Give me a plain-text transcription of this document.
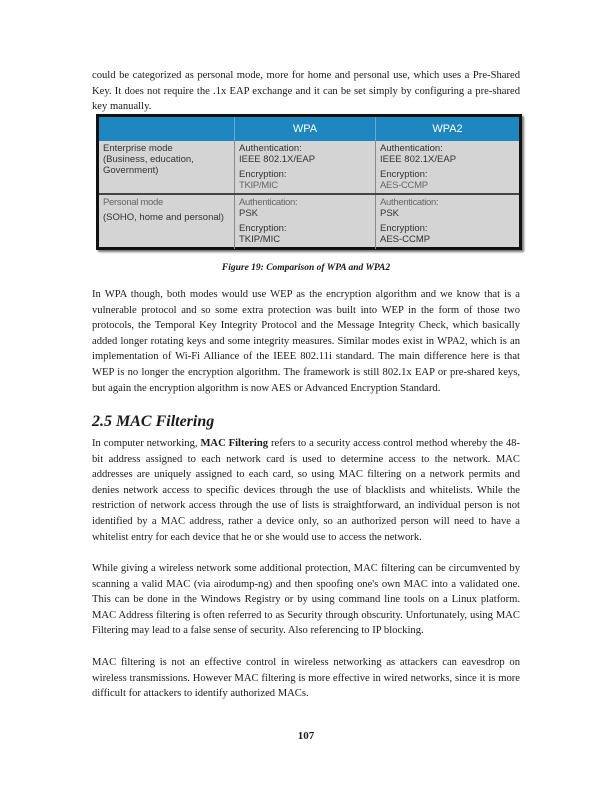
could be categorized as personal mode, more for home and personal use, which uses a Pre-Shared Key. It does not require the .1x EAP exchange and it can be set simply by configuring a pre-shared key manually.

WPA	WPA2
Enterprise mode
(Business, education, Government)
Authentication:
IEEE 802.1X/EAP
Encryption:
TKIP/MIC
Authentication:
IEEE 802.1X/EAP
Encryption:
AES-CCMP
Personal mode
(SOHO, home and personal)
Authentication:
PSK
Encryption:
TKIP/MIC
Authentication:
PSK
Encryption:
AES-CCMP
Figure 19: Comparison of WPA and WPA2

In WPA though, both modes would use WEP as the encryption algorithm and we know that is a vulnerable protocol and so some extra protection was built into WEP in the form of those two protocols, the Temporal Key Integrity Protocol and the Message Integrity Check, which basically added longer rotating keys and some integrity measures. Similar modes exist in WPA2, which is an implementation of Wi-Fi Alliance of the IEEE 802.11i standard. The main difference here is that WEP is no longer the encryption algorithm. The framework is still 802.1x EAP or pre-shared keys, but again the encryption algorithm is now AES or Advanced Encryption Standard.

2.5 MAC Filtering

In computer networking, MAC Filtering refers to a security access control method whereby the 48-bit address assigned to each network card is used to determine access to the network. MAC addresses are uniquely assigned to each card, so using MAC filtering on a network permits and denies network access to specific devices through the use of blacklists and whitelists. While the restriction of network access through the use of lists is straightforward, an individual person is not identified by a MAC address, rather a device only, so an authorized person will need to have a whitelist entry for each device that he or she would use to access the network.

While giving a wireless network some additional protection, MAC filtering can be circumvented by scanning a valid MAC (via airodump-ng) and then spoofing one's own MAC into a validated one. This can be done in the Windows Registry or by using command line tools on a Linux platform. MAC Address filtering is often referred to as Security through obscurity. Unfortunately, using MAC Filtering may lead to a false sense of security. Also referencing to IP blocking.

MAC filtering is not an effective control in wireless networking as attackers can eavesdrop on wireless transmissions. However MAC filtering is more effective in wired networks, since it is more difficult for attackers to identify authorized MACs.

107
